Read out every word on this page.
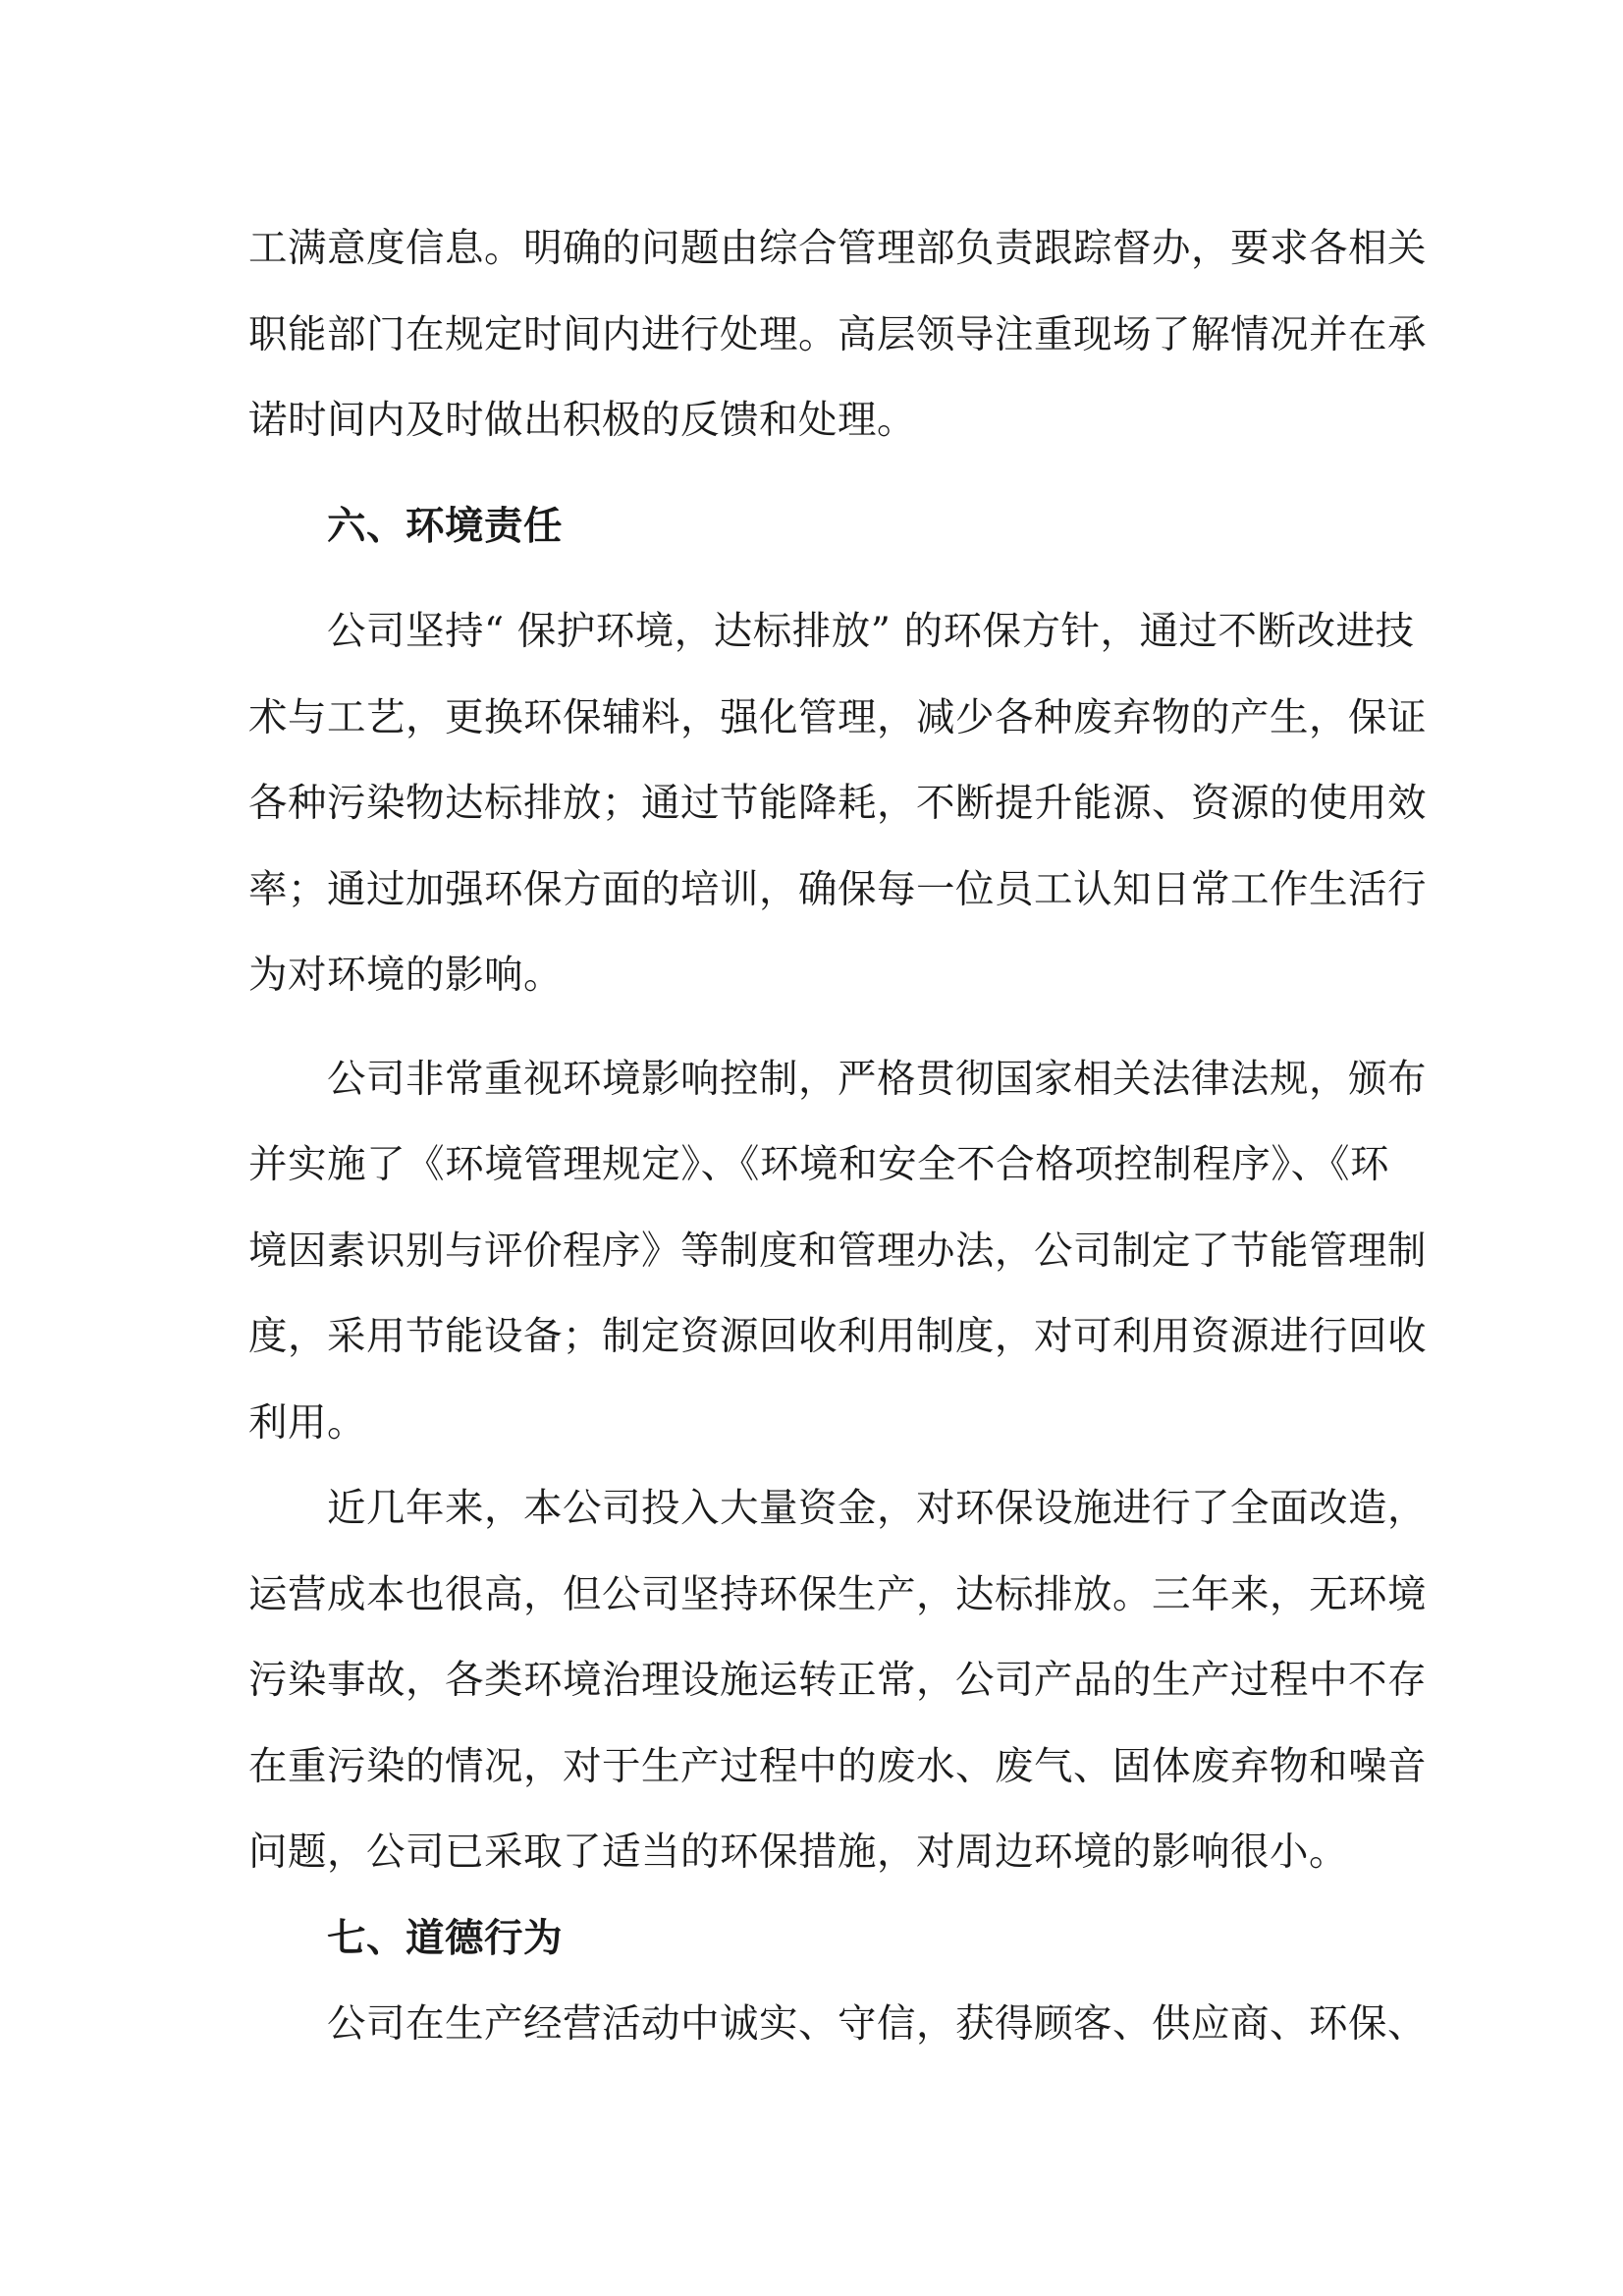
工满意度信息。明确的问题由综合管理部负责跟踪督办，要求各相关
职能部门在规定时间内进行处理。高层领导注重现场了解情况并在承
诺时间内及时做出积极的反馈和处理。

六、环境责任

公司坚持“ 保护环境，达标排放” 的环保方针，通过不断改进技
术与工艺，更换环保辅料，强化管理，减少各种废弃物的产生，保证
各种污染物达标排放；通过节能降耗，不断提升能源、资源的使用效
率；通过加强环保方面的培训，确保每一位员工认知日常工作生活行
为对环境的影响。

公司非常重视环境影响控制，严格贯彻国家相关法律法规，颁布
并实施了《环境管理规定》、《环境和安全不合格项控制程序》、《环
境因素识别与评价程序》等制度和管理办法，公司制定了节能管理制
度，采用节能设备；制定资源回收利用制度，对可利用资源进行回收
利用。

近几年来，本公司投入大量资金，对环保设施进行了全面改造，
运营成本也很高，但公司坚持环保生产，达标排放。三年来，无环境
污染事故，各类环境治理设施运转正常，公司产品的生产过程中不存
在重污染的情况，对于生产过程中的废水、废气、固体废弃物和噪音
问题，公司已采取了适当的环保措施，对周边环境的影响很小。

七、道德行为

公司在生产经营活动中诚实、守信，获得顾客、供应商、环保、
